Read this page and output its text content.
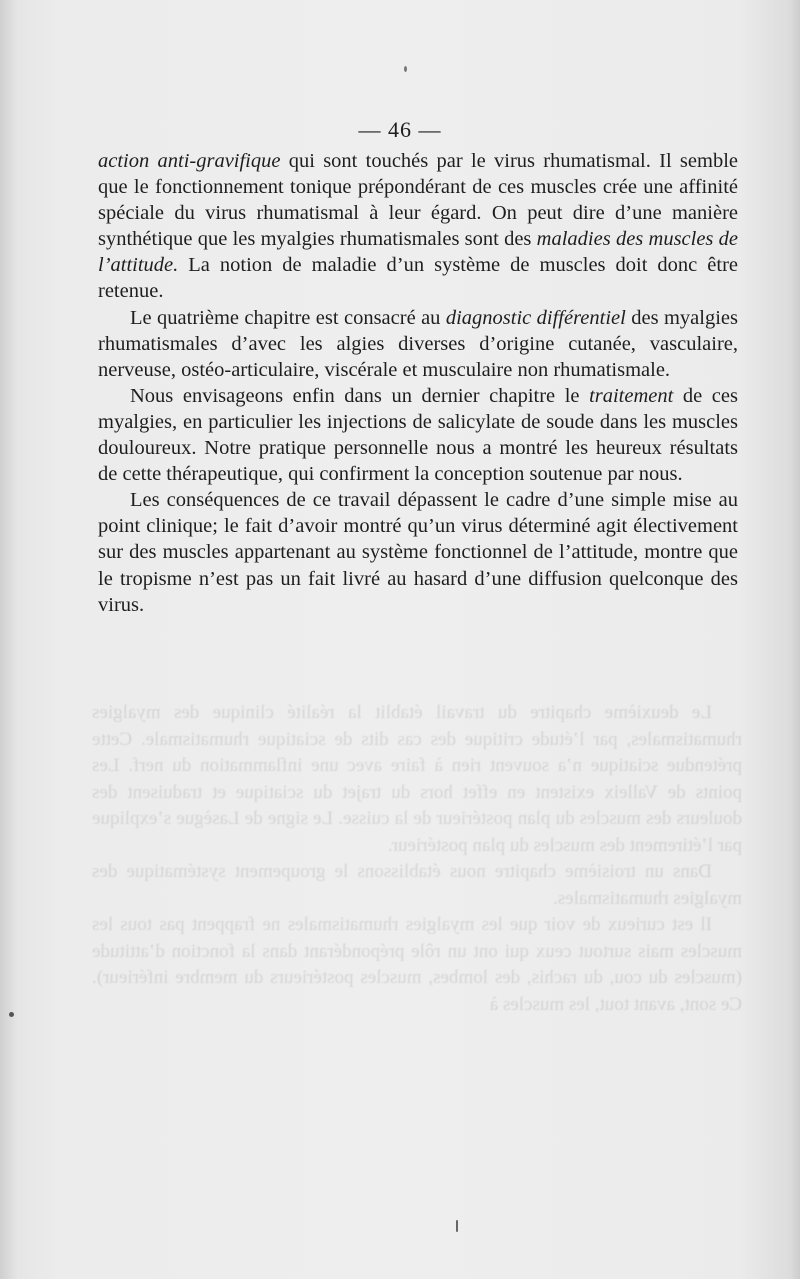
— 46 —

action anti-gravifique qui sont touchés par le virus rhumatismal. Il semble que le fonctionnement tonique prépondérant de ces muscles crée une affinité spéciale du virus rhumatismal à leur égard. On peut dire d’une manière synthétique que les myalgies rhumatismales sont des maladies des muscles de l’attitude. La notion de maladie d’un système de muscles doit donc être retenue.

Le quatrième chapitre est consacré au diagnostic différentiel des myalgies rhumatismales d’avec les algies diverses d’origine cutanée, vasculaire, nerveuse, ostéo-articulaire, viscérale et musculaire non rhumatismale.

Nous envisageons enfin dans un dernier chapitre le traitement de ces myalgies, en particulier les injections de salicylate de soude dans les muscles douloureux. Notre pratique personnelle nous a montré les heureux résultats de cette thérapeutique, qui confirment la conception soutenue par nous.

Les conséquences de ce travail dépassent le cadre d’une simple mise au point clinique; le fait d’avoir montré qu’un virus déterminé agit électivement sur des muscles appartenant au système fonctionnel de l’attitude, montre que le tropisme n’est pas un fait livré au hasard d’une diffusion quelconque des virus.

Le deuxième chapitre du travail établit la réalité clinique des myalgies rhumatismales, par l’étude critique des cas dits de sciatique rhumatismale. Cette prétendue sciatique n’a souvent rien à faire avec une inflammation du nerf. Les points de Valleix existent en effet hors du trajet du sciatique et traduisent des douleurs des muscles du plan postérieur de la cuisse. Le signe de Lasègue s’explique par l’étirement des muscles du plan postérieur.

Dans un troisième chapitre nous établissons le groupement systématique des myalgies rhumatismales.

Il est curieux de voir que les myalgies rhumatismales ne frappent pas tous les muscles mais surtout ceux qui ont un rôle prépondérant dans la fonction d’attitude (muscles du cou, du rachis, des lombes, muscles postérieurs du membre inférieur). Ce sont, avant tout, les muscles à
